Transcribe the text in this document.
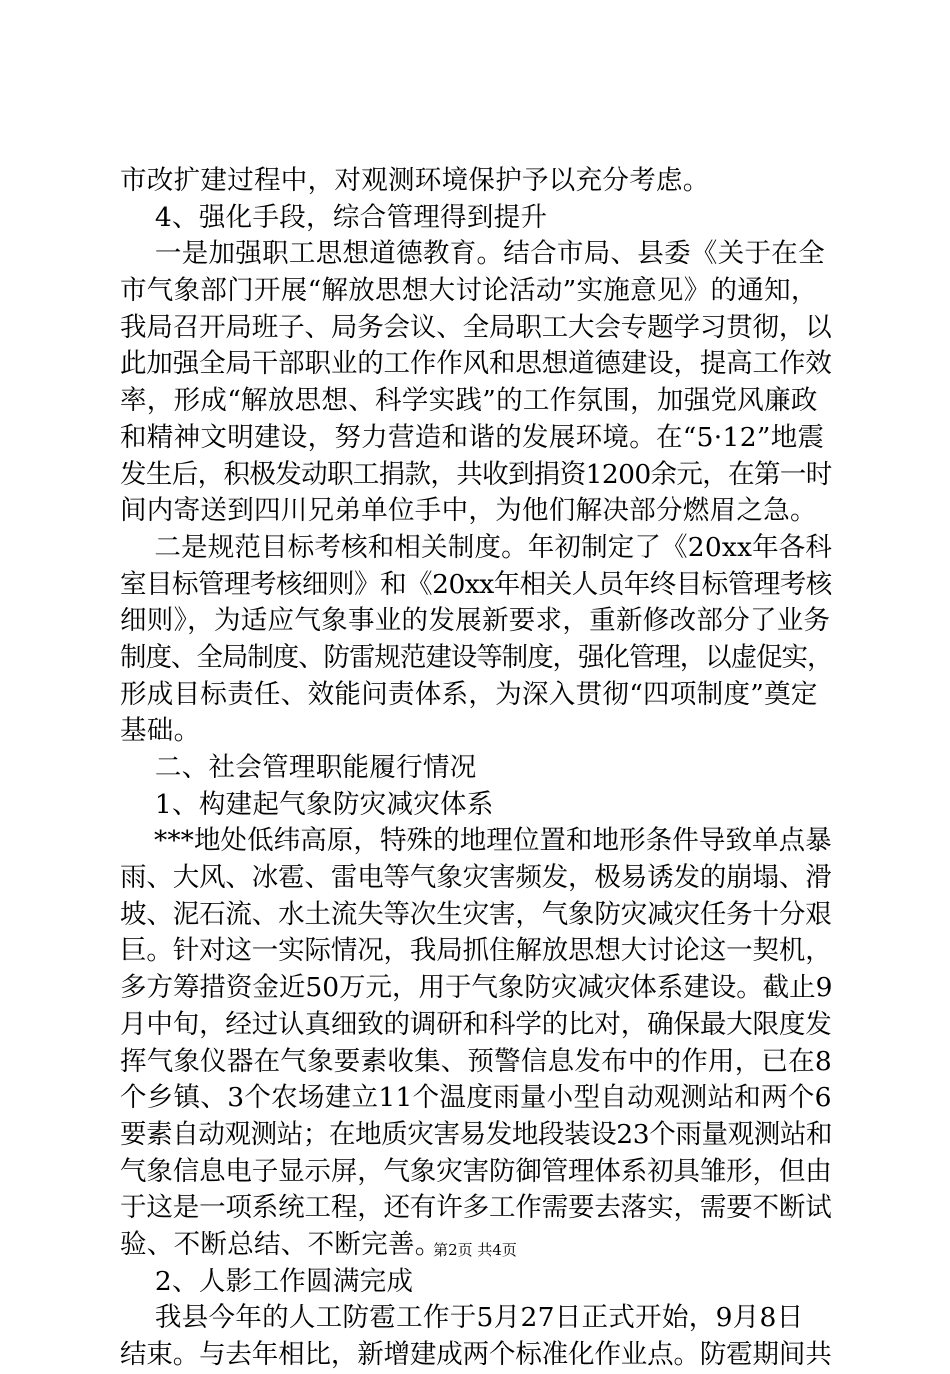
市改扩建过程中，对观测环境保护予以充分考虑。
4、强化手段，综合管理得到提升
一是加强职工思想道德教育。结合市局、县委《关于在全
市气象部门开展“解放思想大讨论活动”实施意见》的通知，
我局召开局班子、局务会议、全局职工大会专题学习贯彻，以
此加强全局干部职业的工作作风和思想道德建设，提高工作效
率，形成“解放思想、科学实践”的工作氛围，加强党风廉政
和精神文明建设，努力营造和谐的发展环境。在“5·12”地震
发生后，积极发动职工捐款，共收到捐资1200余元，在第一时
间内寄送到四川兄弟单位手中，为他们解决部分燃眉之急。
二是规范目标考核和相关制度。年初制定了《20xx年各科
室目标管理考核细则》和《20xx年相关人员年终目标管理考核
细则》，为适应气象事业的发展新要求，重新修改部分了业务
制度、全局制度、防雷规范建设等制度，强化管理，以虚促实，
形成目标责任、效能问责体系，为深入贯彻“四项制度”奠定
基础。
二、社会管理职能履行情况
1、构建起气象防灾减灾体系
***地处低纬高原，特殊的地理位置和地形条件导致单点暴
雨、大风、冰雹、雷电等气象灾害频发，极易诱发的崩塌、滑
坡、泥石流、水土流失等次生灾害，气象防灾减灾任务十分艰
巨。针对这一实际情况，我局抓住解放思想大讨论这一契机，
多方筹措资金近50万元，用于气象防灾减灾体系建设。截止9
月中旬，经过认真细致的调研和科学的比对，确保最大限度发
挥气象仪器在气象要素收集、预警信息发布中的作用，已在8
个乡镇、3个农场建立11个温度雨量小型自动观测站和两个6
要素自动观测站；在地质灾害易发地段装设23个雨量观测站和
气象信息电子显示屏，气象灾害防御管理体系初具雏形，但由
于这是一项系统工程，还有许多工作需要去落实，需要不断试
验、不断总结、不断完善。
2、人影工作圆满完成
我县今年的人工防雹工作于5月27日正式开始，9月8日
结束。与去年相比，新增建成两个标准化作业点。防雹期间共
第2页 共4页
